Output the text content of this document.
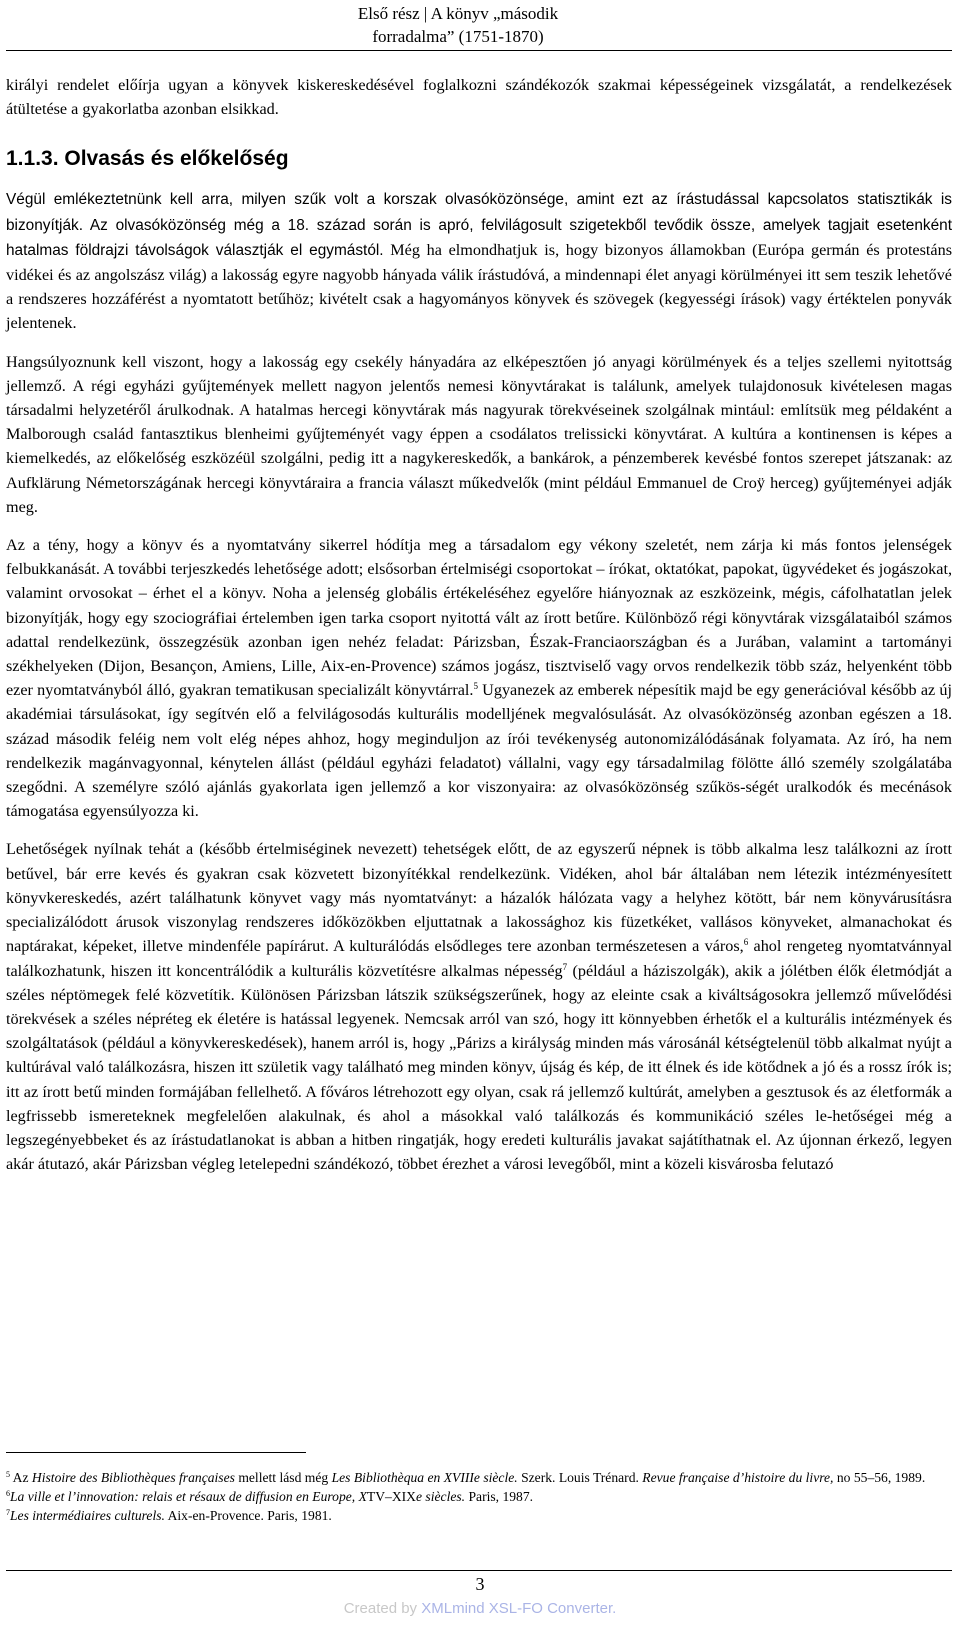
Első rész | A könyv „második
forradalma” (1751-1870)

királyi rendelet előírja ugyan a könyvek kiskereskedésével foglalkozni szándékozók szakmai képességeinek vizsgálatát, a rendelkezések átültetése a gyakorlatba azonban elsikkad.

1.1.3. Olvasás és előkelőség

Végül emlékeztetnünk kell arra, milyen szűk volt a korszak olvasóközönsége, amint ezt az írástudással kapcsolatos statisztikák is bizonyítják. Az olvasóközönség még a 18. század során is apró, felvilágosult szigetekből tevődik össze, amelyek tagjait esetenként hatalmas földrajzi távolságok választják el egymástól. Még ha elmondhatjuk is, hogy bizonyos államokban (Európa germán és protestáns vidékei és az angolszász világ) a lakosság egyre nagyobb hányada válik írástudóvá, a mindennapi élet anyagi körülményei itt sem teszik lehetővé a rendszeres hozzáférést a nyomtatott betűhöz; kivételt csak a hagyományos könyvek és szövegek (kegyességi írások) vagy értéktelen ponyvák jelentenek.

Hangsúlyoznunk kell viszont, hogy a lakosság egy csekély hányadára az elképesztően jó anyagi körülmények és a teljes szellemi nyitottság jellemző. A régi egyházi gyűjtemények mellett nagyon jelentős nemesi könyvtárakat is találunk, amelyek tulajdonosuk kivételesen magas társadalmi helyzetéről árulkodnak. A hatalmas hercegi könyvtárak más nagyurak törekvéseinek szolgálnak mintául: említsük meg példaként a Malborough család fantasztikus blenheimi gyűjteményét vagy éppen a csodálatos trelissicki könyvtárat. A kultúra a kontinensen is képes a kiemelkedés, az előkelőség eszközéül szolgálni, pedig itt a nagykereskedők, a bankárok, a pénzemberek kevésbé fontos szerepet játszanak: az Aufklärung Németországának hercegi könyvtáraira a francia választ műkedvelők (mint például Emmanuel de Croÿ herceg) gyűjteményei adják meg.

Az a tény, hogy a könyv és a nyomtatvány sikerrel hódítja meg a társadalom egy vékony szeletét, nem zárja ki más fontos jelenségek felbukkanását. A további terjeszkedés lehetősége adott; elsősorban értelmiségi csoportokat – írókat, oktatókat, papokat, ügyvédeket és jogászokat, valamint orvosokat – érhet el a könyv. Noha a jelenség globális értékeléséhez egyelőre hiányoznak az eszközeink, mégis, cáfolhatatlan jelek bizonyítják, hogy egy szociográfiai értelemben igen tarka csoport nyitottá vált az írott betűre. Különböző régi könyvtárak vizsgálataiból számos adattal rendelkezünk, összegzésük azonban igen nehéz feladat: Párizsban, Észak-Franciaországban és a Jurában, valamint a tartományi székhelyeken (Dijon, Besançon, Amiens, Lille, Aix-en-Provence) számos jogász, tisztviselő vagy orvos rendelkezik több száz, helyenként több ezer nyomtatványból álló, gyakran tematikusan specializált könyvtárral.$^5$ Ugyanezek az emberek népesítik majd be egy generációval később az új akadémiai társulásokat, így segítvén elő a felvilágosodás kulturális modelljének megvalósulását. Az olvasóközönség azonban egészen a 18. század második feléig nem volt elég népes ahhoz, hogy meginduljon az írói tevékenység autonomizálódásának folyamata. Az író, ha nem rendelkezik magánvagyonnal, kénytelen állást (például egyházi feladatot) vállalni, vagy egy társadalmilag fölötte álló személy szolgálatába szegődni. A személyre szóló ajánlás gyakorlata igen jellemző a kor viszonyaira: az olvasóközönség szűkös-ségét uralkodók és mecénások támogatása egyensúlyozza ki.

Lehetőségek nyílnak tehát a (később értelmiséginek nevezett) tehetségek előtt, de az egyszerű népnek is több alkalma lesz találkozni az írott betűvel, bár erre kevés és gyakran csak közvetett bizonyítékkal rendelkezünk. Vidéken, ahol bár általában nem létezik intézményesített könyvkereskedés, azért találhatunk könyvet vagy más nyomtatványt: a házalók hálózata vagy a helyhez kötött, bár nem könyvárusításra specializálódott árusok viszonylag rendszeres időközökben eljuttatnak a lakossághoz kis füzetkéket, vallásos könyveket, almanachokat és naptárakat, képeket, illetve mindenféle papírárut. A kulturálódás elsődleges tere azonban természetesen a város,$^6$ ahol rengeteg nyomtatvánnyal találkozhatunk, hiszen itt koncentrálódik a kulturális közvetítésre alkalmas népesség$^7$ (például a háziszolgák), akik a jólétben élők életmódját a széles néptömegek felé közvetítik. Különösen Párizsban látszik szükségszerűnek, hogy az eleinte csak a kiváltságosokra jellemző művelődési törekvések a széles népréteg ek életére is hatással legyenek. Nemcsak arról van szó, hogy itt könnyebben érhetők el a kulturális intézmények és szolgáltatások (például a könyvkereskedések), hanem arról is, hogy „Párizs a királyság minden más városánál kétségtelenül több alkalmat nyújt a kultúrával való találkozásra, hiszen itt születik vagy található meg minden könyv, újság és kép, de itt élnek és ide kötődnek a jó és a rossz írók is; itt az írott betű minden formájában fellelhető. A főváros létrehozott egy olyan, csak rá jellemző kultúrát, amelyben a gesztusok és az életformák a legfrissebb ismereteknek megfelelően alakulnak, és ahol a másokkal való találkozás és kommunikáció széles le-hetőségei még a legszegényebbeket és az írástudatlanokat is abban a hitben ringatják, hogy eredeti kulturális javakat sajátíthatnak el. Az újonnan érkező, legyen akár átutazó, akár Párizsban végleg letelepedni szándékozó, többet érezhet a városi levegőből, mint a közeli kisvárosba felutazó

$^5$ Az Histoire des Bibliothèques françaises mellett lásd még Les Bibliothèqua en XVIIIe siècle. Szerk. Louis Trénard. Revue française d’histoire du livre, no 55–56, 1989.

$^6$La ville et l’innovation: relais et résaux de diffusion en Europe, XTV–XIXe siècles. Paris, 1987.

$^7$Les intermédiaires culturels. Aix-en-Provence. Paris, 1981.

3
Created by XMLmind XSL-FO Converter.
